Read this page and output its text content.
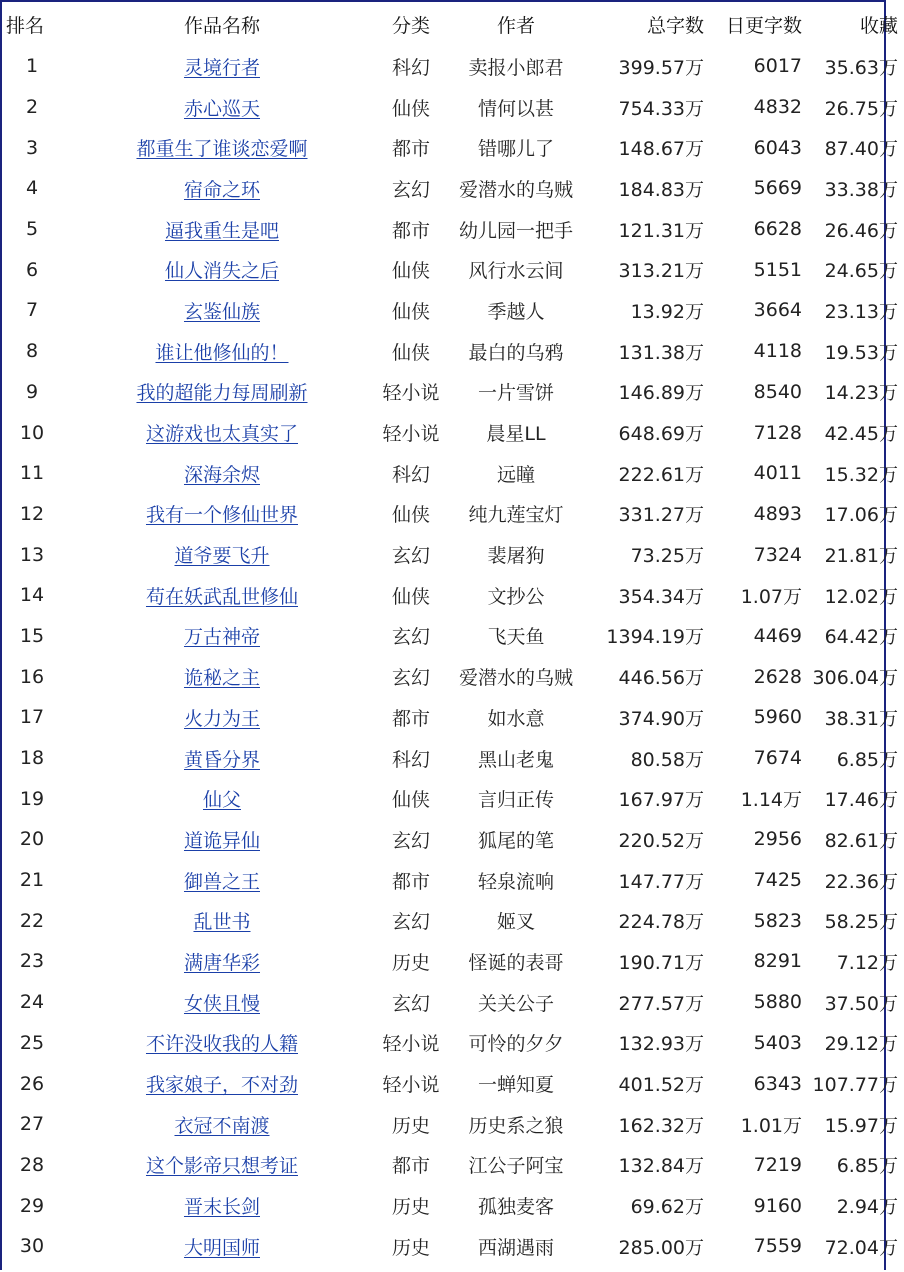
排名	作品名称	分类	作者	总字数	日更字数	收藏
1	灵境行者	科幻	卖报小郎君	399.57万	6017	35.63万
2	赤心巡天	仙侠	情何以甚	754.33万	4832	26.75万
3	都重生了谁谈恋爱啊	都市	错哪儿了	148.67万	6043	87.40万
4	宿命之环	玄幻	爱潜水的乌贼	184.83万	5669	33.38万
5	逼我重生是吧	都市	幼儿园一把手	121.31万	6628	26.46万
6	仙人消失之后	仙侠	风行水云间	313.21万	5151	24.65万
7	玄鉴仙族	仙侠	季越人	13.92万	3664	23.13万
8	谁让他修仙的！	仙侠	最白的乌鸦	131.38万	4118	19.53万
9	我的超能力每周刷新	轻小说	一片雪饼	146.89万	8540	14.23万
10	这游戏也太真实了	轻小说	晨星LL	648.69万	7128	42.45万
11	深海余烬	科幻	远瞳	222.61万	4011	15.32万
12	我有一个修仙世界	仙侠	纯九莲宝灯	331.27万	4893	17.06万
13	道爷要飞升	玄幻	裴屠狗	73.25万	7324	21.81万
14	苟在妖武乱世修仙	仙侠	文抄公	354.34万	1.07万	12.02万
15	万古神帝	玄幻	飞天鱼	1394.19万	4469	64.42万
16	诡秘之主	玄幻	爱潜水的乌贼	446.56万	2628	306.04万
17	火力为王	都市	如水意	374.90万	5960	38.31万
18	黄昏分界	科幻	黑山老鬼	80.58万	7674	6.85万
19	仙父	仙侠	言归正传	167.97万	1.14万	17.46万
20	道诡异仙	玄幻	狐尾的笔	220.52万	2956	82.61万
21	御兽之王	都市	轻泉流响	147.77万	7425	22.36万
22	乱世书	玄幻	姬叉	224.78万	5823	58.25万
23	满唐华彩	历史	怪诞的表哥	190.71万	8291	7.12万
24	女侠且慢	玄幻	关关公子	277.57万	5880	37.50万
25	不许没收我的人籍	轻小说	可怜的夕夕	132.93万	5403	29.12万
26	我家娘子，不对劲	轻小说	一蝉知夏	401.52万	6343	107.77万
27	衣冠不南渡	历史	历史系之狼	162.32万	1.01万	15.97万
28	这个影帝只想考证	都市	江公子阿宝	132.84万	7219	6.85万
29	晋末长剑	历史	孤独麦客	69.62万	9160	2.94万
30	大明国师	历史	西湖遇雨	285.00万	7559	72.04万
